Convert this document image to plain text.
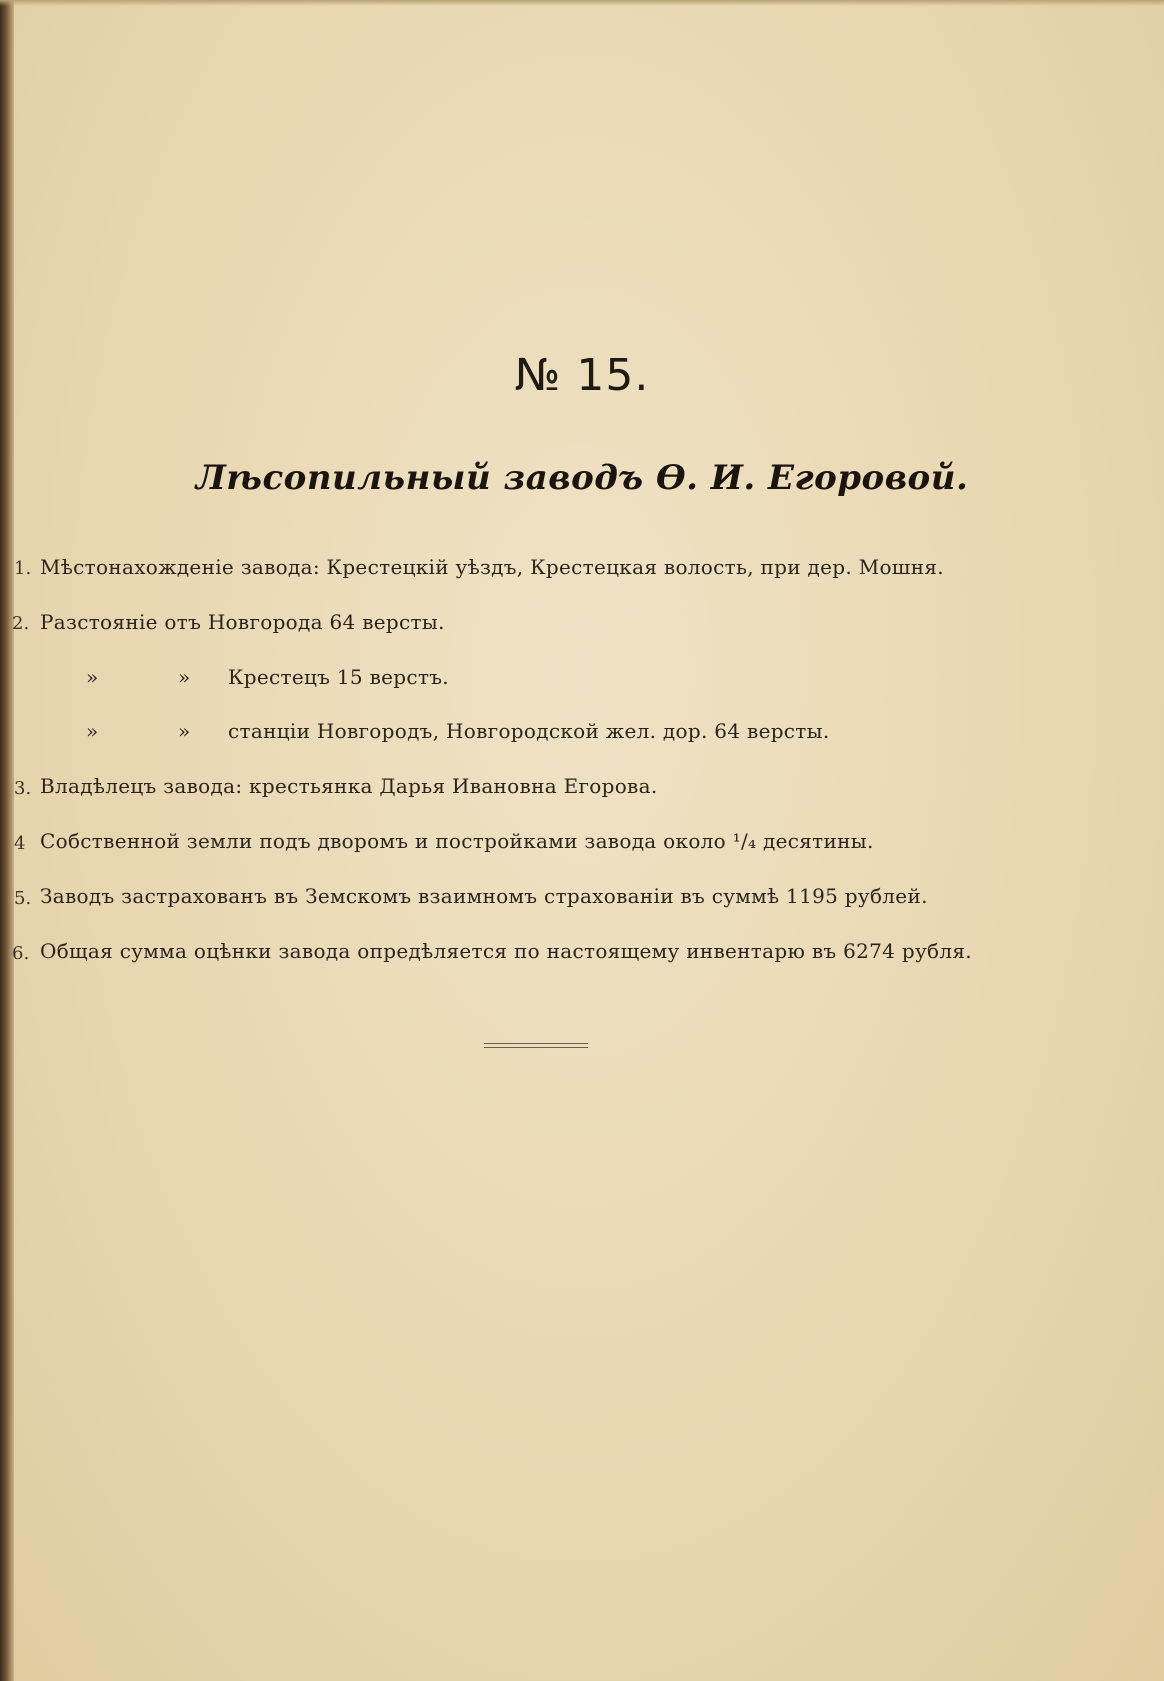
№ 15.
Лѣсопильный заводъ Ѳ. И. Егоровой.
1. Мѣстонахожденіе завода: Крестецкій уѣздъ, Крестецкая волость, при дер. Мошня.
2. Разстояніе отъ Новгорода 64 версты.
»	» Крестецъ 15 верстъ.
»	» станціи Новгородъ, Новгородской жел. дор. 64 версты.
3. Владѣлецъ завода: крестьянка Дарья Ивановна Егорова.
4 Собственной земли подъ дворомъ и постройками завода около ¹/₄ десятины.
5. Заводъ застрахованъ въ Земскомъ взаимномъ страхованіи въ суммѣ 1195 рублей.
6. Общая сумма оцѣнки завода опредѣляется по настоящему инвентарю въ 6274 рубля.
